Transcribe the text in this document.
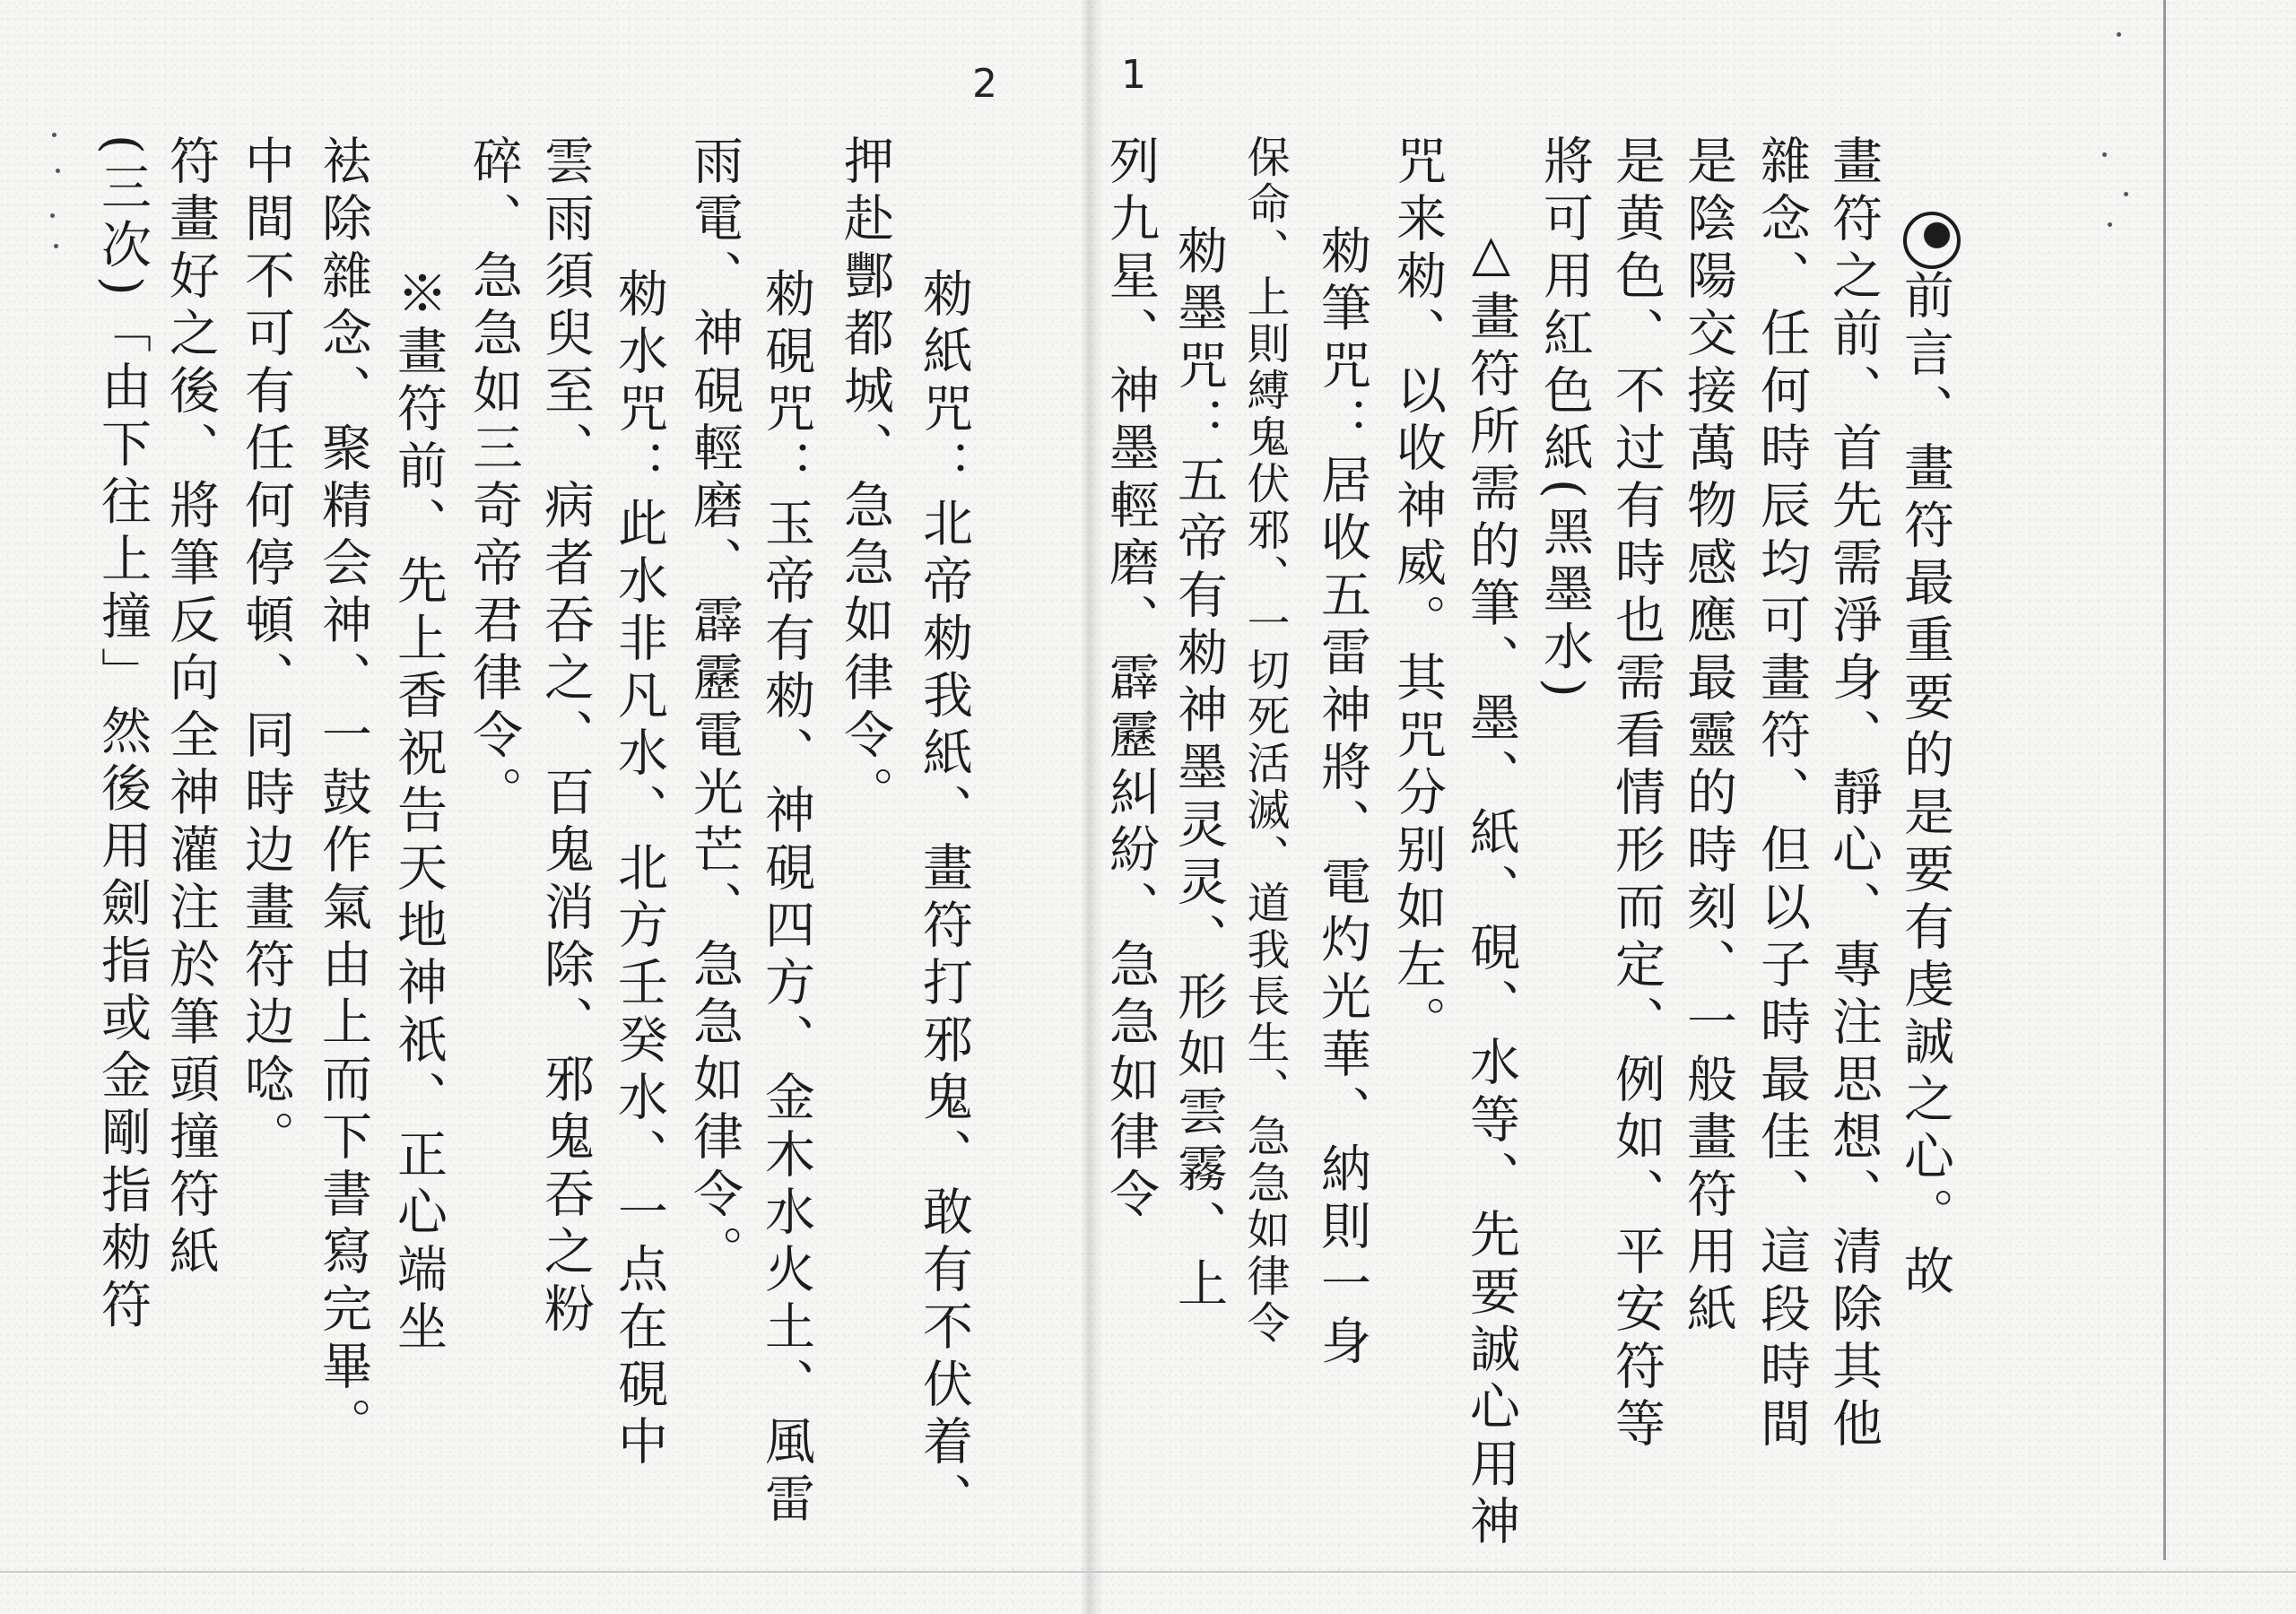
2
勑紙咒：北帝勑我紙、畫符打邪鬼、敢有不伏着、
押赴酆都城、急急如律令。
勑硯咒：玉帝有勑、神硯四方、金木水火土、風雷
雨電、神硯輕磨、霹靂電光芒、急急如律令。
勑水咒：此水非凡水、北方壬癸水、一点在硯中
雲雨須臾至、病者吞之、百鬼消除、邪鬼吞之粉
碎、急急如三奇帝君律令。
※畫符前、先上香祝告天地神祇、正心端坐
袪除雜念、聚精会神、一鼓作氣由上而下書寫完畢。
中間不可有任何停頓、同時边畫符边唸。
符畫好之後、將筆反向全神灌注於筆頭撞符紙
(三次)「由下往上撞」然後用劍指或金剛指勑符
1
前言、畫符最重要的是要有虔誠之心。故
畫符之前、首先需淨身、靜心、專注思想、清除其他
雜念、任何時辰均可畫符、但以子時最佳、這段時間
是陰陽交接萬物感應最靈的時刻、一般畫符用紙
是黄色、不过有時也需看情形而定、例如、平安符等
將可用紅色紙(黑墨水)
△畫符所需的筆、墨、紙、硯、水等、先要誠心用神
咒来勑、以收神威。其咒分别如左。
勑筆咒：居收五雷神將、電灼光華、納則一身
保命、上則縛鬼伏邪、一切死活滅、道我長生、急急如律令
勑墨咒：五帝有勑神墨灵灵、形如雲霧、上
列九星、神墨輕磨、霹靂糾紛、急急如律令
